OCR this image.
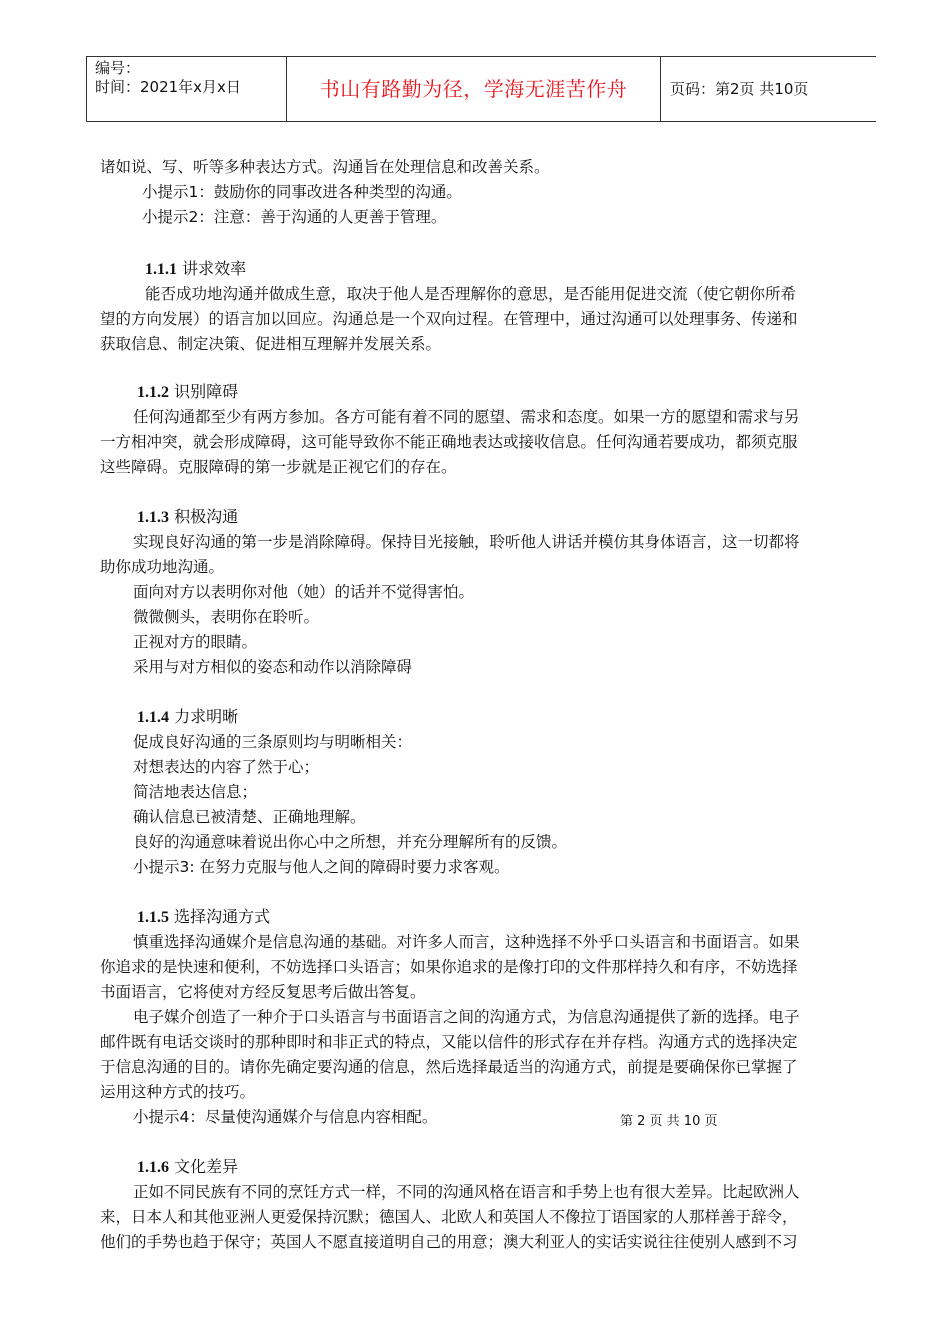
编号：
时间：2021年x月x日	书山有路勤为径，学海无涯苦作舟	页码：第2页 共10页
诸如说、写、听等多种表达方式。沟通旨在处理信息和改善关系。
小提示1：鼓励你的同事改进各种类型的沟通。
小提示2：注意：善于沟通的人更善于管理。
1.1.1 讲求效率
能否成功地沟通并做成生意，取决于他人是否理解你的意思，是否能用促进交流（使它朝你所希
望的方向发展）的语言加以回应。沟通总是一个双向过程。在管理中，通过沟通可以处理事务、传递和
获取信息、制定决策、促进相互理解并发展关系。
1.1.2 识别障碍
任何沟通都至少有两方参加。各方可能有着不同的愿望、需求和态度。如果一方的愿望和需求与另
一方相冲突，就会形成障碍，这可能导致你不能正确地表达或接收信息。任何沟通若要成功，都须克服
这些障碍。克服障碍的第一步就是正视它们的存在。
1.1.3 积极沟通
实现良好沟通的第一步是消除障碍。保持目光接触，聆听他人讲话并模仿其身体语言，这一切都将
助你成功地沟通。
面向对方以表明你对他（她）的话并不觉得害怕。
微微侧头，表明你在聆听。
正视对方的眼睛。
采用与对方相似的姿态和动作以消除障碍
1.1.4 力求明晰
促成良好沟通的三条原则均与明晰相关：
对想表达的内容了然于心；
简洁地表达信息；
确认信息已被清楚、正确地理解。
良好的沟通意味着说出你心中之所想，并充分理解所有的反馈。
小提示3: 在努力克服与他人之间的障碍时要力求客观。
1.1.5 选择沟通方式
慎重选择沟通媒介是信息沟通的基础。对许多人而言，这种选择不外乎口头语言和书面语言。如果
你追求的是快速和便利，不妨选择口头语言；如果你追求的是像打印的文件那样持久和有序，不妨选择
书面语言，它将使对方经反复思考后做出答复。
电子媒介创造了一种介于口头语言与书面语言之间的沟通方式，为信息沟通提供了新的选择。电子
邮件既有电话交谈时的那种即时和非正式的特点，又能以信件的形式存在并存档。沟通方式的选择决定
于信息沟通的目的。请你先确定要沟通的信息，然后选择最适当的沟通方式，前提是要确保你已掌握了
运用这种方式的技巧。
小提示4：尽量使沟通媒介与信息内容相配。
1.1.6 文化差异
正如不同民族有不同的烹饪方式一样，不同的沟通风格在语言和手势上也有很大差异。比起欧洲人
来，日本人和其他亚洲人更爱保持沉默；德国人、北欧人和英国人不像拉丁语国家的人那样善于辞令，
他们的手势也趋于保守；英国人不愿直接道明自己的用意；澳大利亚人的实话实说往往使别人感到不习
第 2 页 共 10 页
